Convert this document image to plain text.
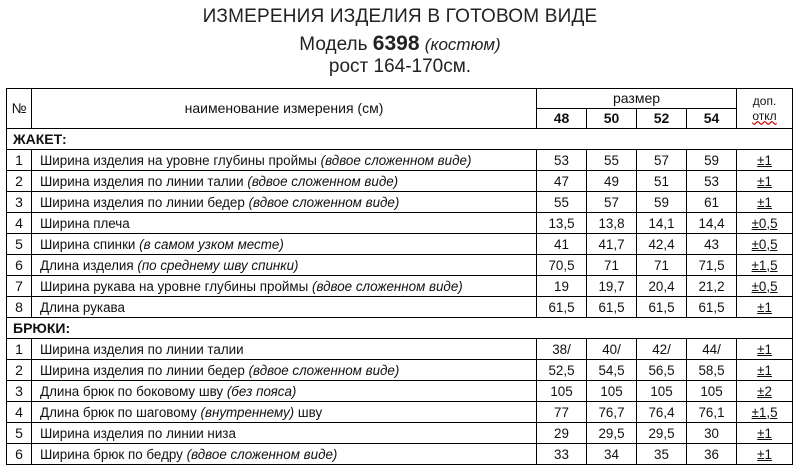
ИЗМЕРЕНИЯ ИЗДЕЛИЯ В ГОТОВОМ ВИДЕ
Модель 6398 (костюм)
рост 164-170см.
№	наименование измерения (см)	размер				доп.
откл

		48	50	52	54	
ЖАКЕТ:						
1	Ширина изделия на уровне глубины проймы (вдвое сложенном виде)	53	55	57	59	±1
2	Ширина изделия по линии талии (вдвое сложенном виде)	47	49	51	53	±1
3	Ширина изделия по линии бедер (вдвое сложенном виде)	55	57	59	61	±1
4	Ширина плеча	13,5	13,8	14,1	14,4	±0,5
5	Ширина спинки (в самом узком месте)	41	41,7	42,4	43	±0,5
6	Длина изделия (по среднему шву спинки)	70,5	71	71	71,5	±1,5
7	Ширина рукава на уровне глубины проймы (вдвое сложенном виде)	19	19,7	20,4	21,2	±0,5
8	Длина рукава	61,5	61,5	61,5	61,5	±1
БРЮКИ:						
1	Ширина изделия по линии талии	38/	40/	42/	44/	±1
2	Ширина изделия по линии бедер (вдвое сложенном виде)	52,5	54,5	56,5	58,5	±1
3	Длина брюк по боковому шву (без пояса)	105	105	105	105	±2
4	Длина брюк по шаговому (внутреннему) шву	77	76,7	76,4	76,1	±1,5
5	Ширина изделия по линии низа	29	29,5	29,5	30	±1
6	Ширина брюк по бедру (вдвое сложенном виде)	33	34	35	36	±1
